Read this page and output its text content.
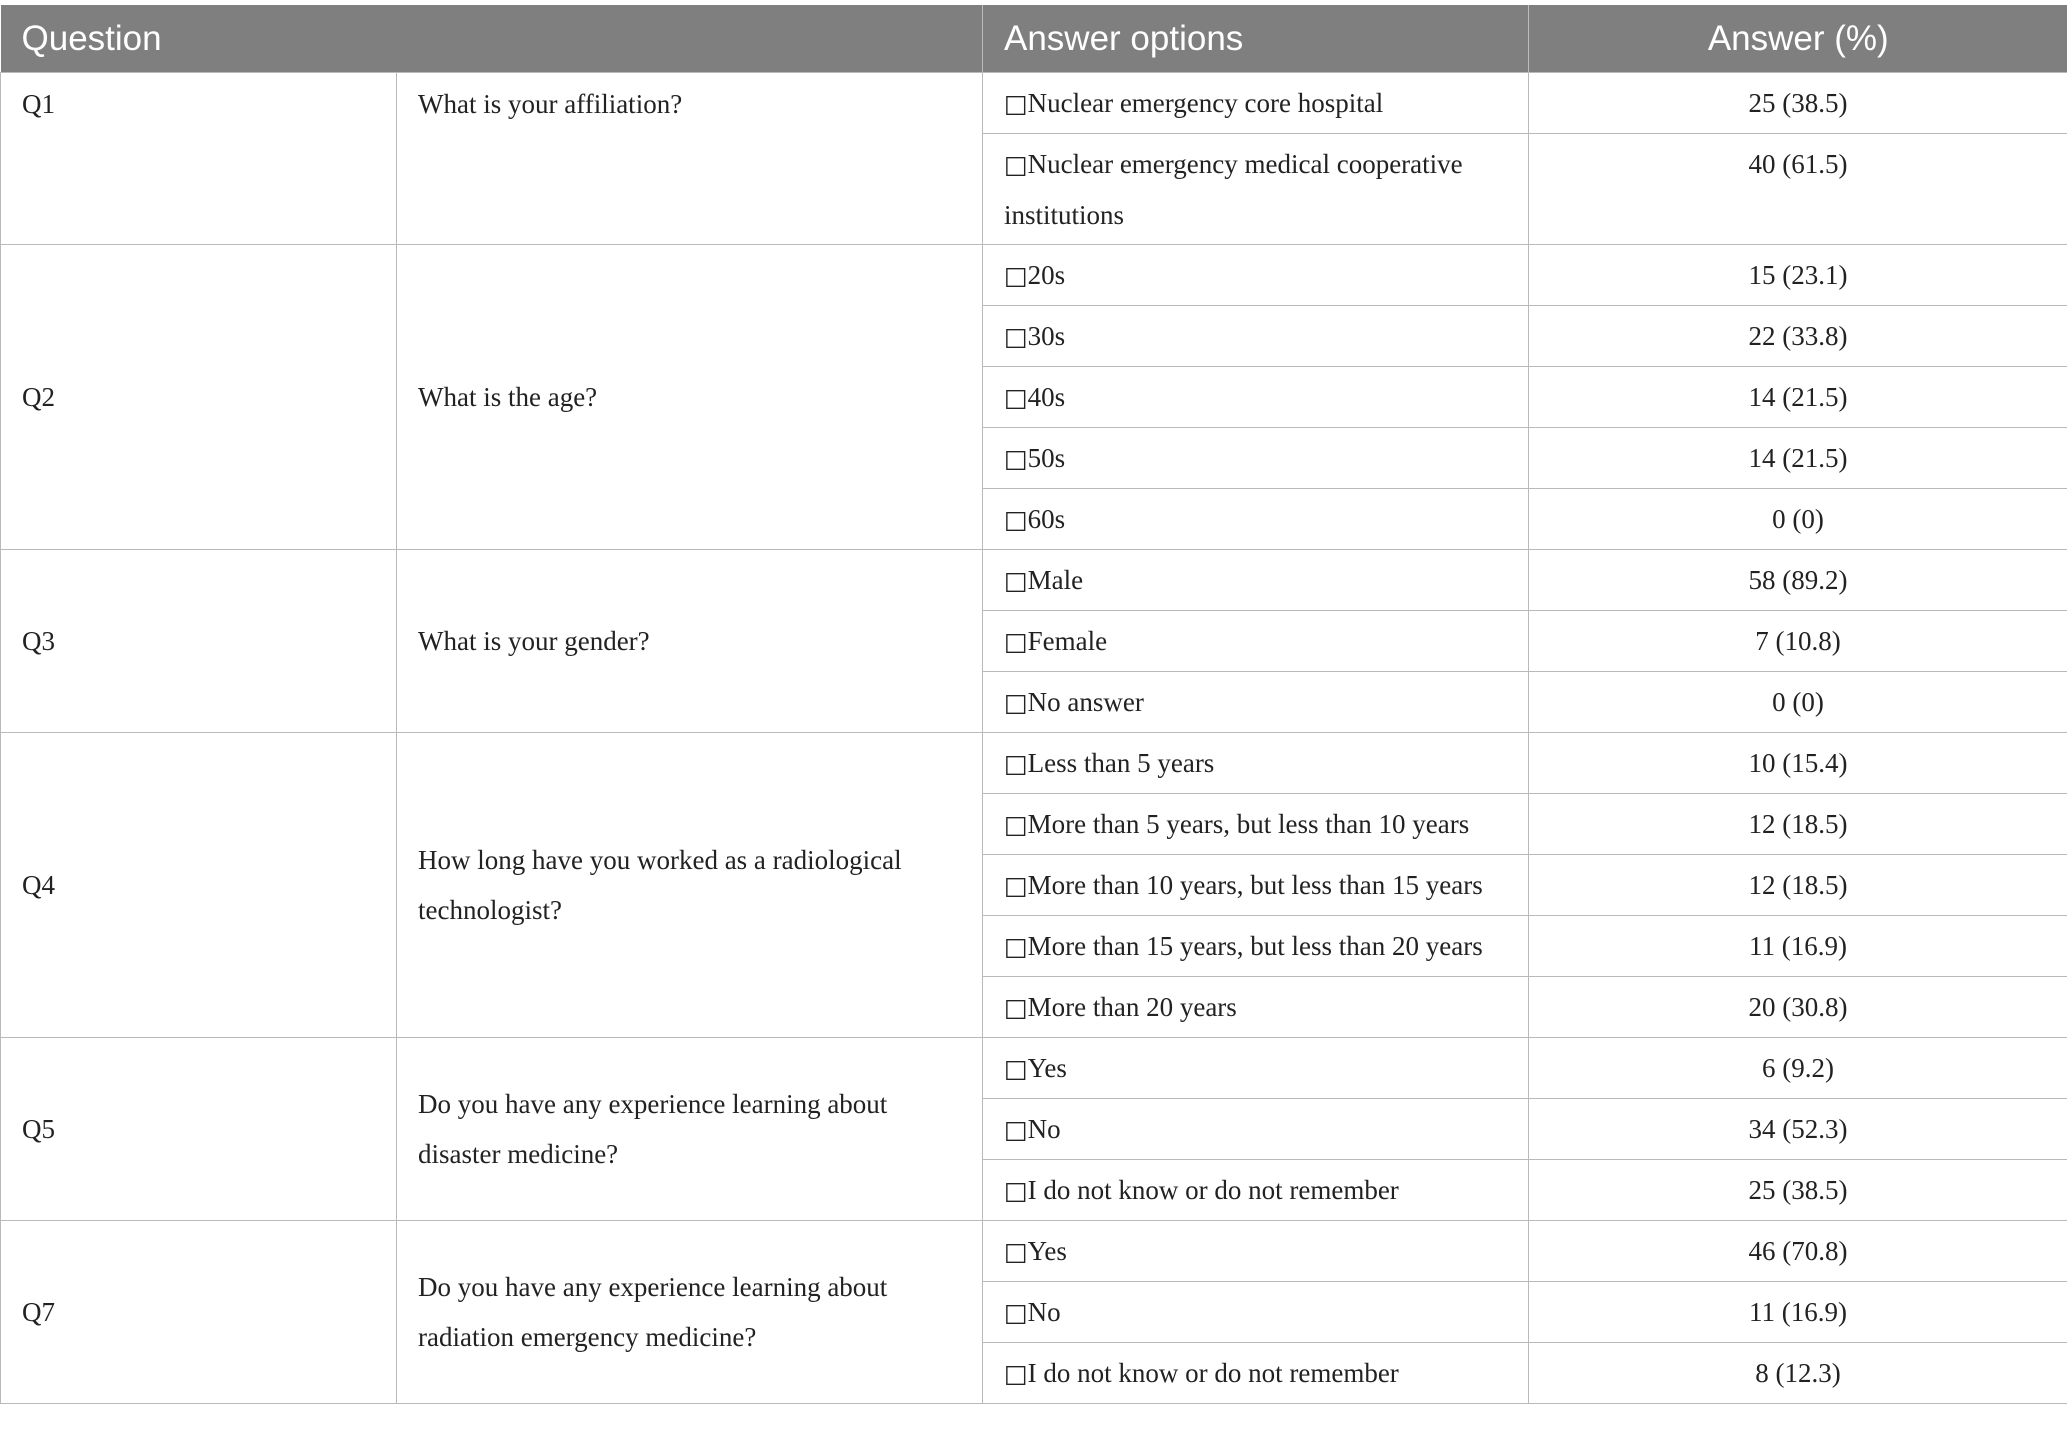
Question		Answer options	Answer (%)
Q1	What is your affiliation?	□Nuclear emergency core hospital	25 (38.5)
		□Nuclear emergency medical cooperative institutions	40 (61.5)
Q2	What is the age?	□20s	15 (23.1)
		□30s	22 (33.8)
		□40s	14 (21.5)
		□50s	14 (21.5)
		□60s	0 (0)
Q3	What is your gender?	□Male	58 (89.2)
		□Female	7 (10.8)
		□No answer	0 (0)
Q4	How long have you worked as a radiological technologist?	□Less than 5 years	10 (15.4)
		□More than 5 years, but less than 10 years	12 (18.5)
		□More than 10 years, but less than 15 years	12 (18.5)
		□More than 15 years, but less than 20 years	11 (16.9)
		□More than 20 years	20 (30.8)
Q5	Do you have any experience learning about disaster medicine?	□Yes	6 (9.2)
		□No	34 (52.3)
		□I do not know or do not remember	25 (38.5)
Q7	Do you have any experience learning about radiation emergency medicine?	□Yes	46 (70.8)
		□No	11 (16.9)
		□I do not know or do not remember	8 (12.3)
